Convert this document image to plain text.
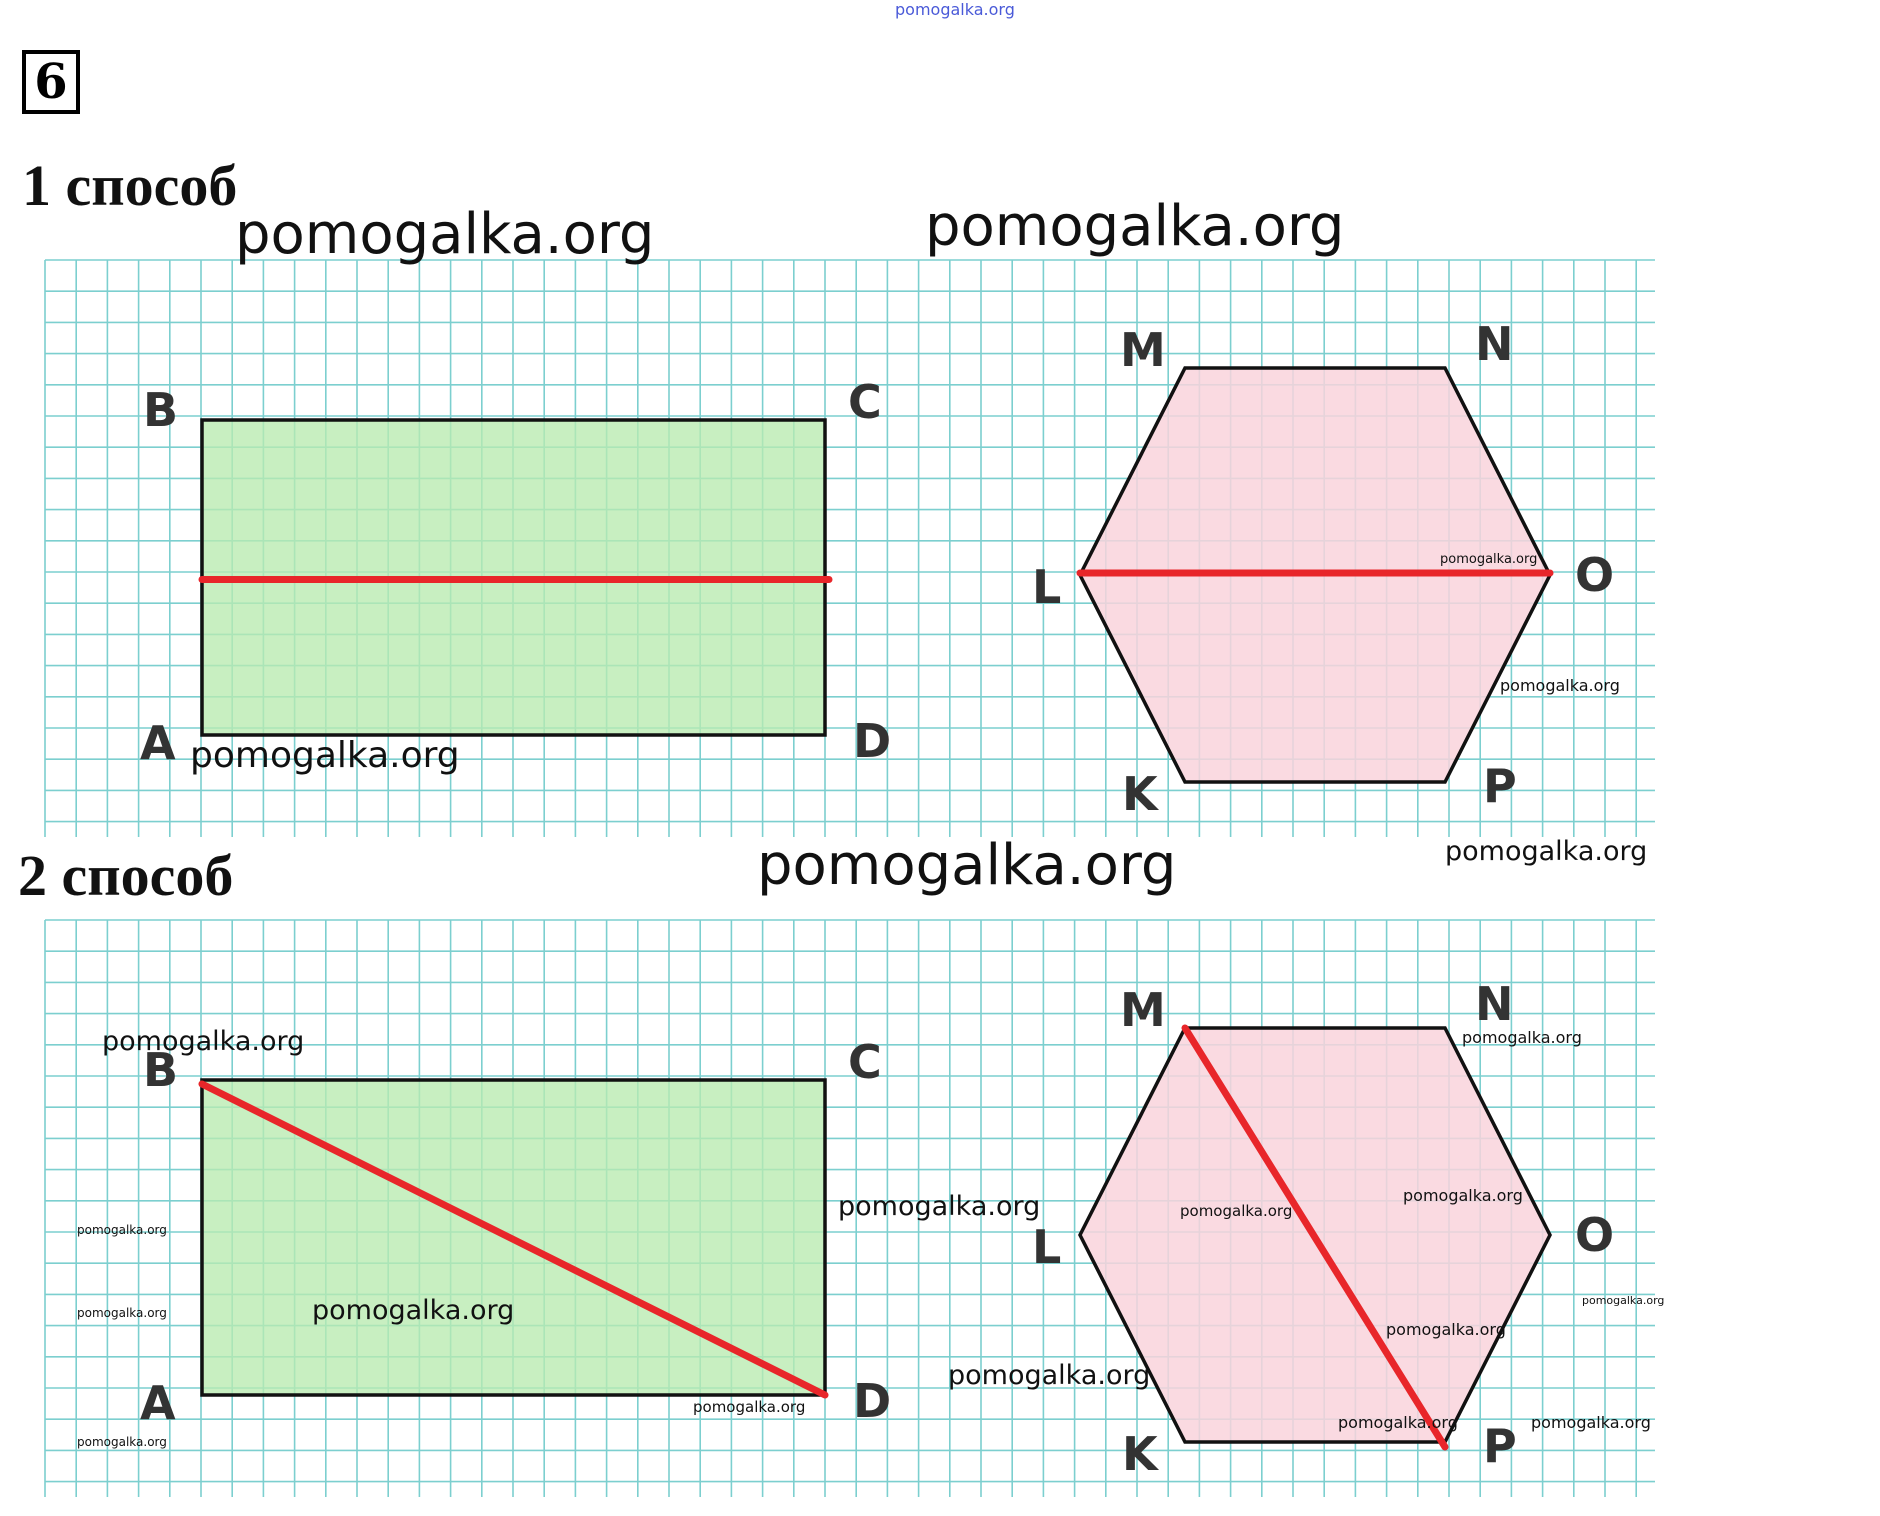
6
1 способ
2 способ
A
B	C
D
M	N
O
P
K
L
A
B	C
D
M	N
O
P
K
L
pomogalka.org
pomogalka.org	pomogalka.org
pomogalka.org
pomogalka.org
pomogalka.org
pomogalka.org
pomogalka.org
pomogalka.org
pomogalka.org
pomogalka.org
pomogalka.org
pomogalka.org
pomogalka.org
pomogalka.org
pomogalka.org
pomogalka.org
pomogalka.org
pomogalka.org
pomogalka.org
pomogalka.org
pomogalka.org	pomogalka.org
